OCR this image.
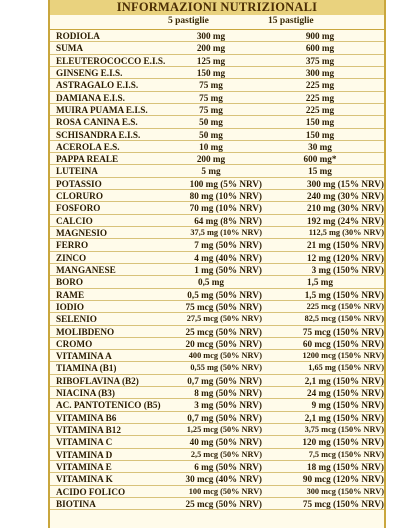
INFORMAZIONI NUTRIZIONALI
5 pastiglie	15 pastiglie
RODIOLA	300 mg	900 mg
SUMA	200 mg	600 mg
ELEUTEROCOCCO E.I.S.	125 mg	375 mg
GINSENG E.I.S.	150 mg	300 mg
ASTRAGALO E.I.S.	75 mg	225 mg
DAMIANA E.I.S.	75 mg	225 mg
MUIRA PUAMA E.I.S.	75 mg	225 mg
ROSA CANINA E.S.	50 mg	150 mg
SCHISANDRA E.I.S.	50 mg	150 mg
ACEROLA E.S.	10 mg	30 mg
PAPPA REALE	200 mg	600 mg*
LUTEINA	5 mg	15 mg
POTASSIO	100 mg (5% NRV)	300 mg (15% NRV)
CLORURO	80 mg (10% NRV)	240 mg (30% NRV)
FOSFORO	70 mg (10% NRV)	210 mg (30% NRV)
CALCIO	64 mg (8% NRV)	192 mg (24% NRV)
MAGNESIO	37,5 mg (10% NRV)	112,5 mg (30% NRV)
FERRO	7 mg (50% NRV)	21 mg (150% NRV)
ZINCO	4 mg (40% NRV)	12 mg (120% NRV)
MANGANESE	1 mg (50% NRV)	3 mg (150% NRV)
BORO	0,5 mg	1,5 mg
RAME	0,5 mg (50% NRV)	1,5 mg (150% NRV)
IODIO	75 mcg (50% NRV)	225 mcg (150% NRV)
SELENIO	27,5 mcg (50% NRV)	82,5 mcg (150% NRV)
MOLIBDENO	25 mcg (50% NRV)	75 mcg (150% NRV)
CROMO	20 mcg (50% NRV)	60 mcg (150% NRV)
VITAMINA A	400 mcg (50% NRV)	1200 mcg (150% NRV)
TIAMINA (B1)	0,55 mg (50% NRV)	1,65 mg (150% NRV)
RIBOFLAVINA (B2)	0,7 mg (50% NRV)	2,1 mg (150% NRV)
NIACINA (B3)	8 mg (50% NRV)	24 mg (150% NRV)
AC. PANTOTENICO (B5)	3 mg (50% NRV)	9 mg (150% NRV)
VITAMINA B6	0,7 mg (50% NRV)	2,1 mg (150% NRV)
VITAMINA B12	1,25 mcg (50% NRV)	3,75 mcg (150% NRV)
VITAMINA C	40 mg (50% NRV)	120 mg (150% NRV)
VITAMINA D	2,5 mcg (50% NRV)	7,5 mcg (150% NRV)
VITAMINA E	6 mg (50% NRV)	18 mg (150% NRV)
VITAMINA K	30 mcg (40% NRV)	90 mcg (120% NRV)
ACIDO FOLICO	100 mcg (50% NRV)	300 mcg (150% NRV)
BIOTINA	25 mcg (50% NRV)	75 mcg (150% NRV)
